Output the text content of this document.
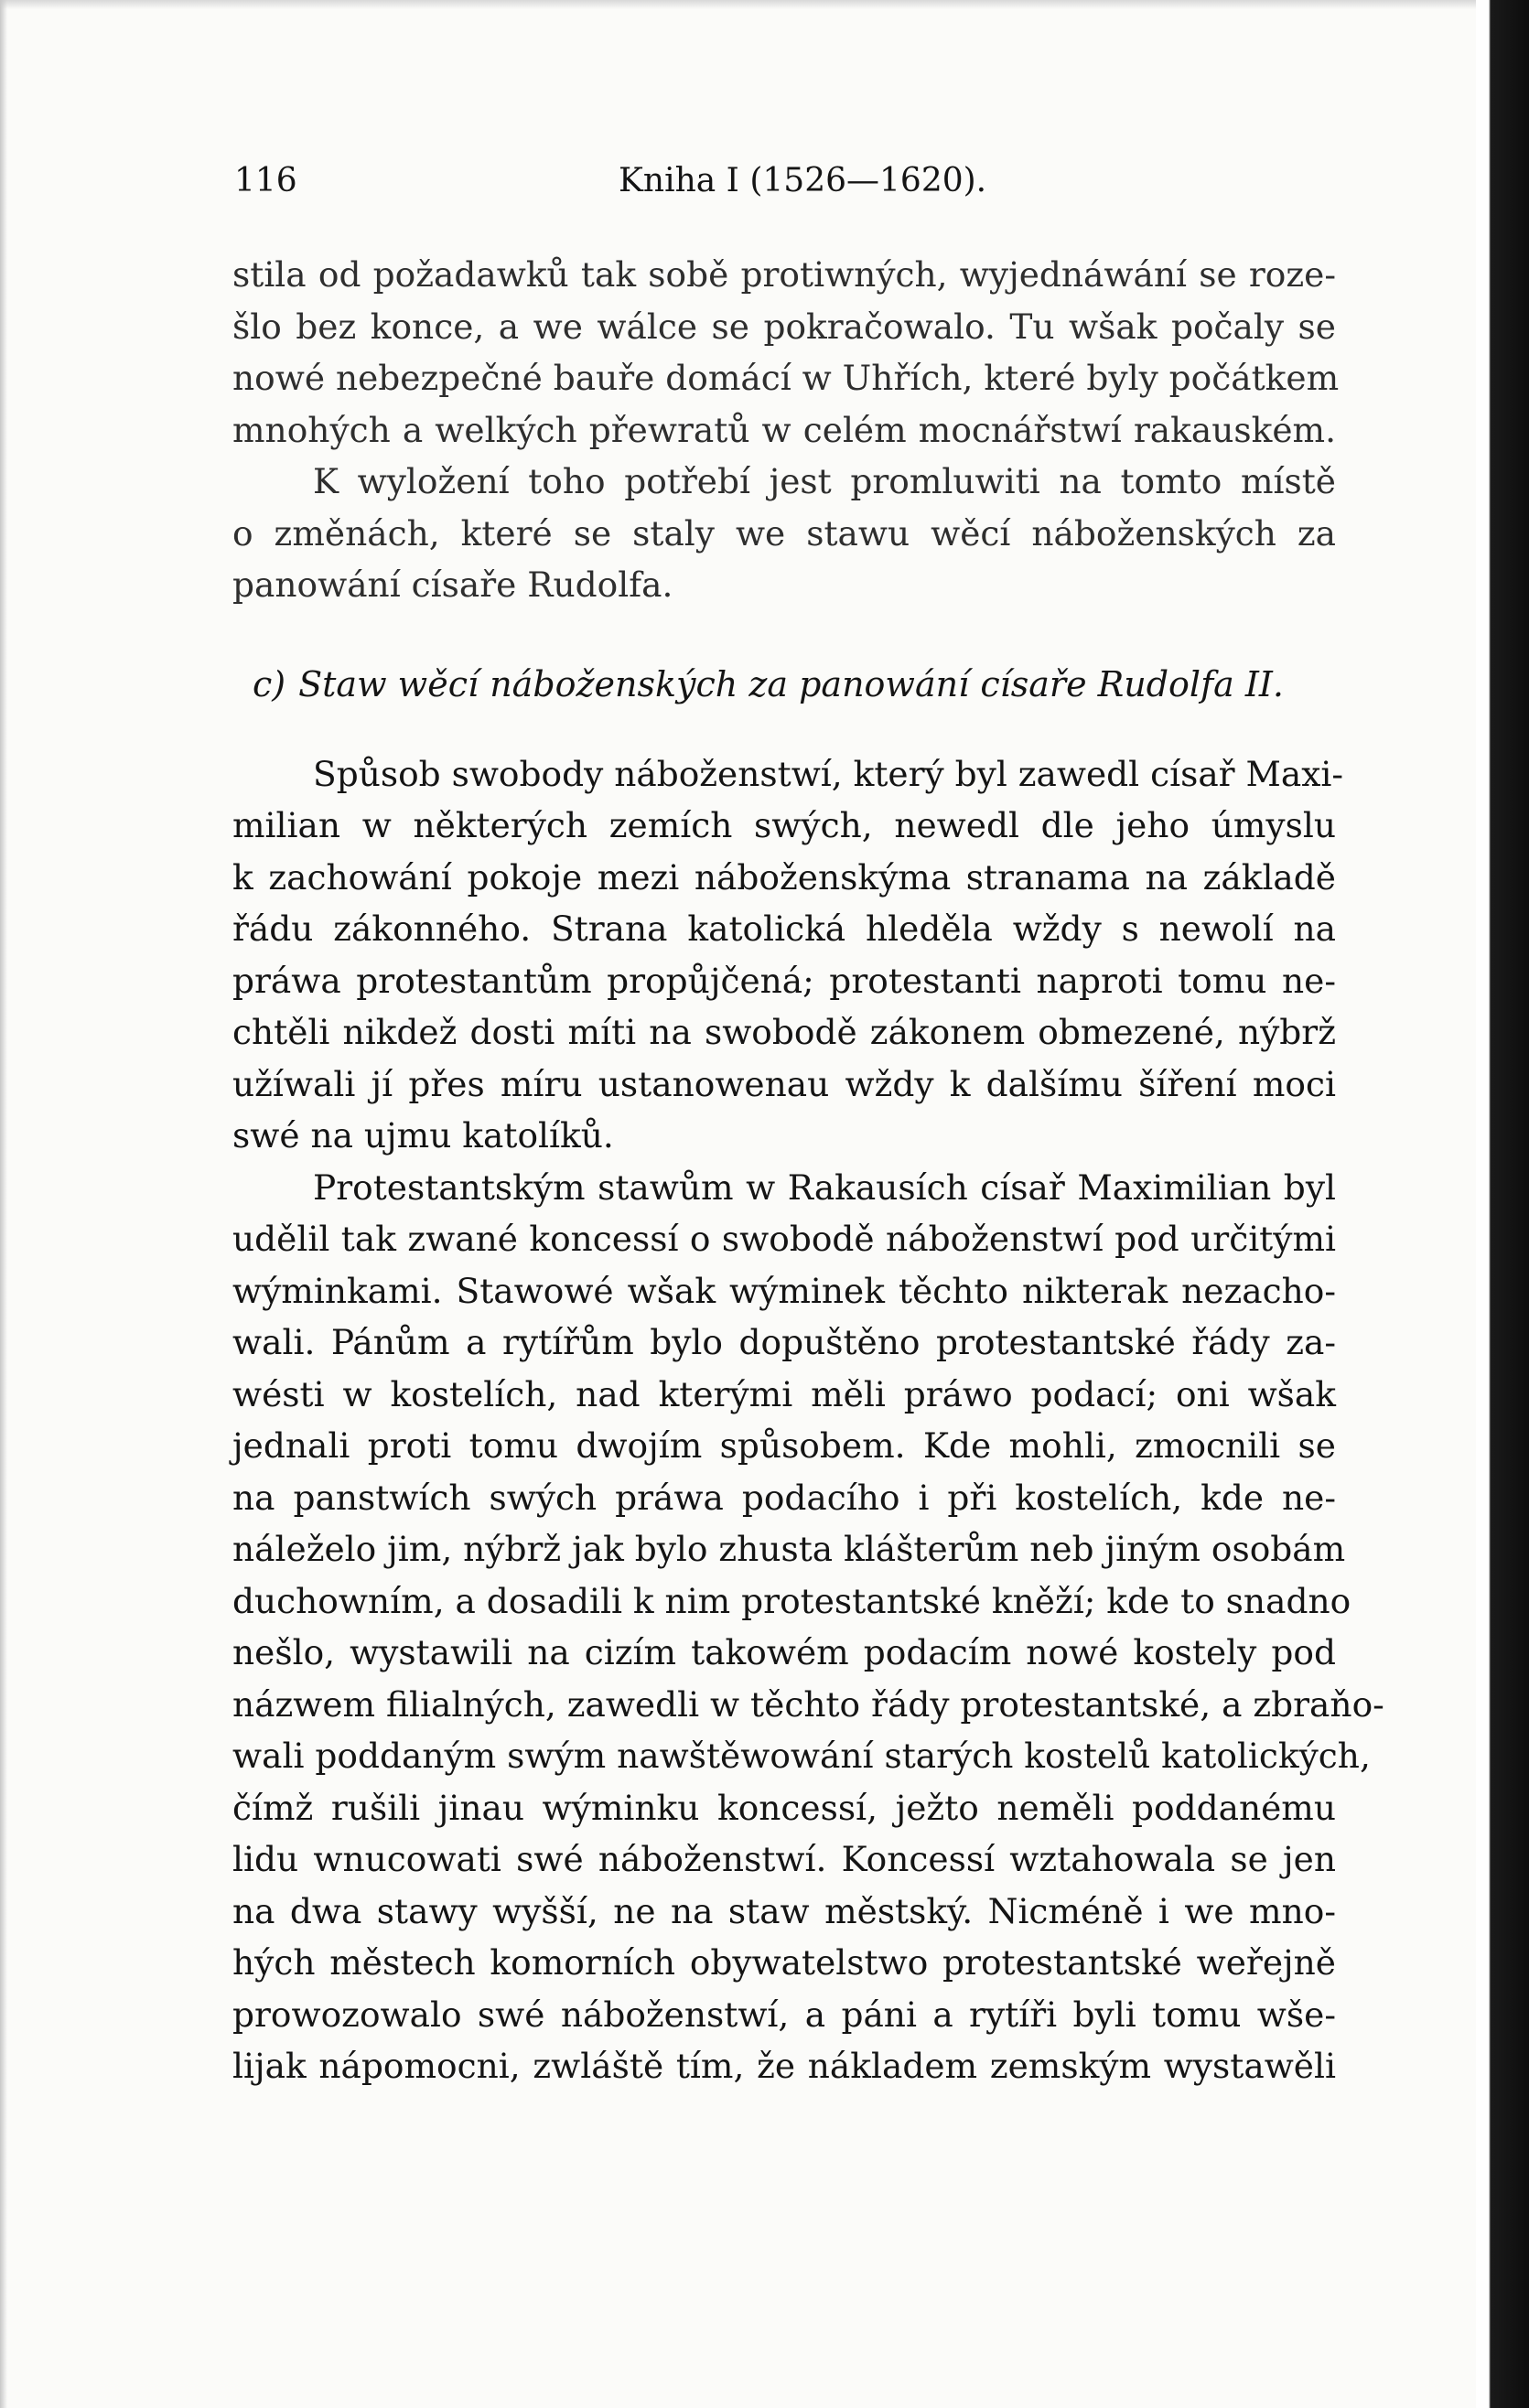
116	Kniha I (1526—1620).
stila od požadawků tak sobě protiwných, wyjednáwání se roze-
šlo bez konce, a we wálce se pokračowalo. Tu wšak počaly se
nowé nebezpečné bauře domácí w Uhřích, které byly počátkem
mnohých a welkých přewratů w celém mocnářstwí rakauském.
K wyložení toho potřebí jest promluwiti na tomto místě
o změnách, které se staly we stawu wěcí náboženských za
panowání císaře Rudolfa.
c) Staw wěcí náboženských za panowání císaře Rudolfa II.
Spůsob swobody náboženstwí, který byl zawedl císař Maxi-
milian w některých zemích swých, newedl dle jeho úmyslu
k zachowání pokoje mezi náboženskýma stranama na základě
řádu zákonného. Strana katolická hleděla wždy s newolí na
práwa protestantům propůjčená; protestanti naproti tomu ne-
chtěli nikdež dosti míti na swobodě zákonem obmezené, nýbrž
užíwali jí přes míru ustanowenau wždy k dalšímu šíření moci
swé na ujmu katolíků.
Protestantským stawům w Rakausích císař Maximilian byl
udělil tak zwané koncessí o swobodě náboženstwí pod určitými
wýminkami. Stawowé wšak wýminek těchto nikterak nezacho-
wali. Pánům a rytířům bylo dopuštěno protestantské řády za-
wésti w kostelích, nad kterými měli práwo podací; oni wšak
jednali proti tomu dwojím spůsobem. Kde mohli, zmocnili se
na panstwích swých práwa podacího i při kostelích, kde ne-
náleželo jim, nýbrž jak bylo zhusta klášterům neb jiným osobám
duchowním, a dosadili k nim protestantské kněží; kde to snadno
nešlo, wystawili na cizím takowém podacím nowé kostely pod
názwem filialných, zawedli w těchto řády protestantské, a zbraňo-
wali poddaným swým nawštěwowání starých kostelů katolických,
čímž rušili jinau wýminku koncessí, ježto neměli poddanému
lidu wnucowati swé náboženstwí. Koncessí wztahowala se jen
na dwa stawy wyšší, ne na staw městský. Nicméně i we mno-
hých městech komorních obywatelstwo protestantské weřejně
prowozowalo swé náboženstwí, a páni a rytíři byli tomu wše-
lijak nápomocni, zwláště tím, že nákladem zemským wystawěli
